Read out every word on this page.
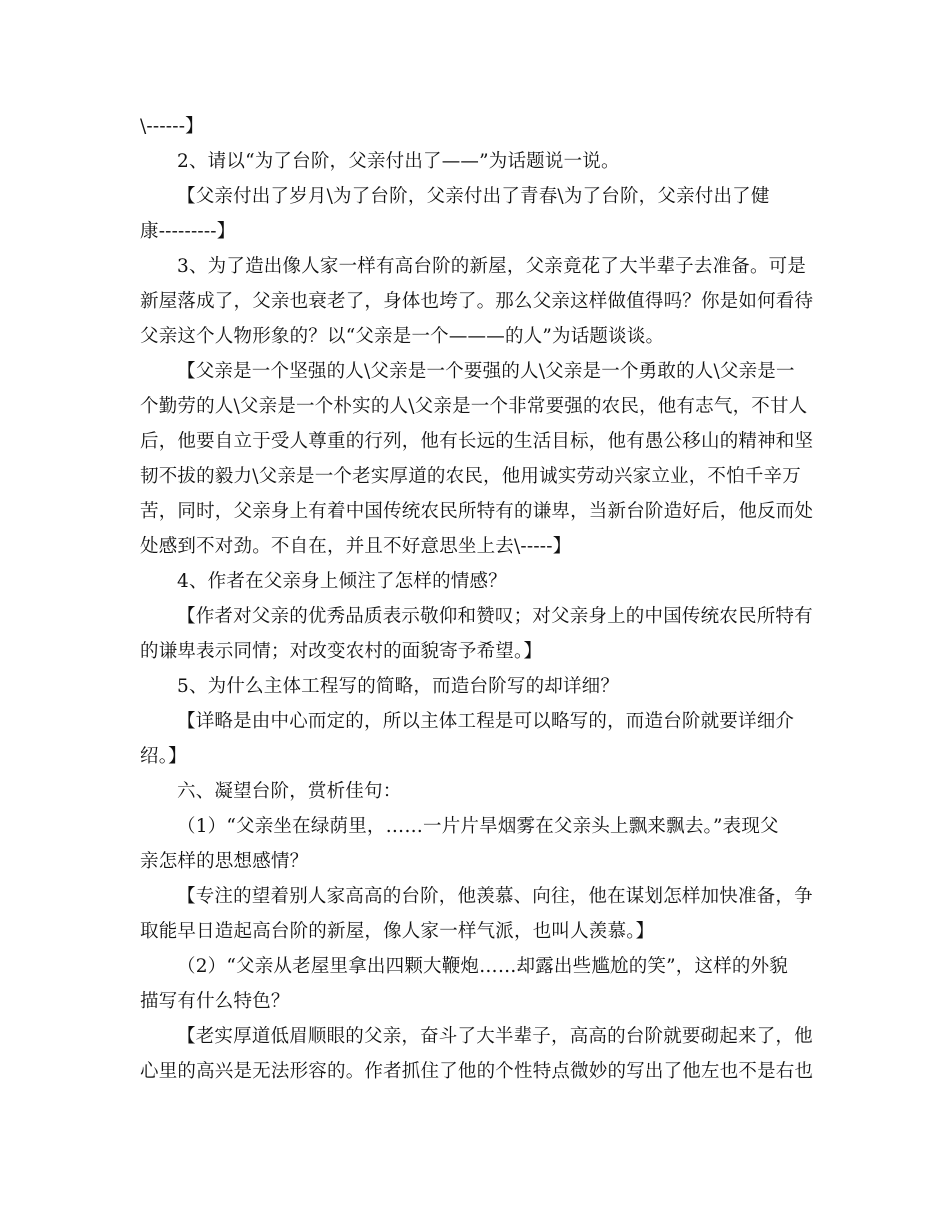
\------】
2、请以“为了台阶，父亲付出了——”为话题说一说。
【父亲付出了岁月\为了台阶，父亲付出了青春\为了台阶，父亲付出了健
康---------】
3、为了造出像人家一样有高台阶的新屋，父亲竟花了大半辈子去准备。可是
新屋落成了，父亲也衰老了，身体也垮了。那么父亲这样做值得吗？你是如何看待
父亲这个人物形象的？以“父亲是一个———的人”为话题谈谈。
【父亲是一个坚强的人\父亲是一个要强的人\父亲是一个勇敢的人\父亲是一
个勤劳的人\父亲是一个朴实的人\父亲是一个非常要强的农民，他有志气，不甘人
后，他要自立于受人尊重的行列，他有长远的生活目标，他有愚公移山的精神和坚
韧不拔的毅力\父亲是一个老实厚道的农民，他用诚实劳动兴家立业，不怕千辛万
苦，同时，父亲身上有着中国传统农民所特有的谦卑，当新台阶造好后，他反而处
处感到不对劲。不自在，并且不好意思坐上去\-----】
4、作者在父亲身上倾注了怎样的情感？
【作者对父亲的优秀品质表示敬仰和赞叹；对父亲身上的中国传统农民所特有
的谦卑表示同情；对改变农村的面貌寄予希望。】
5、为什么主体工程写的简略，而造台阶写的却详细？
【详略是由中心而定的，所以主体工程是可以略写的，而造台阶就要详细介
绍。】
六、凝望台阶，赏析佳句：
（1）“父亲坐在绿荫里，……一片片旱烟雾在父亲头上飘来飘去。”表现父
亲怎样的思想感情？
【专注的望着别人家高高的台阶，他羡慕、向往，他在谋划怎样加快准备，争
取能早日造起高台阶的新屋，像人家一样气派，也叫人羡慕。】
（2）“父亲从老屋里拿出四颗大鞭炮……却露出些尴尬的笑”，这样的外貌
描写有什么特色？
【老实厚道低眉顺眼的父亲，奋斗了大半辈子，高高的台阶就要砌起来了，他
心里的高兴是无法形容的。作者抓住了他的个性特点微妙的写出了他左也不是右也
